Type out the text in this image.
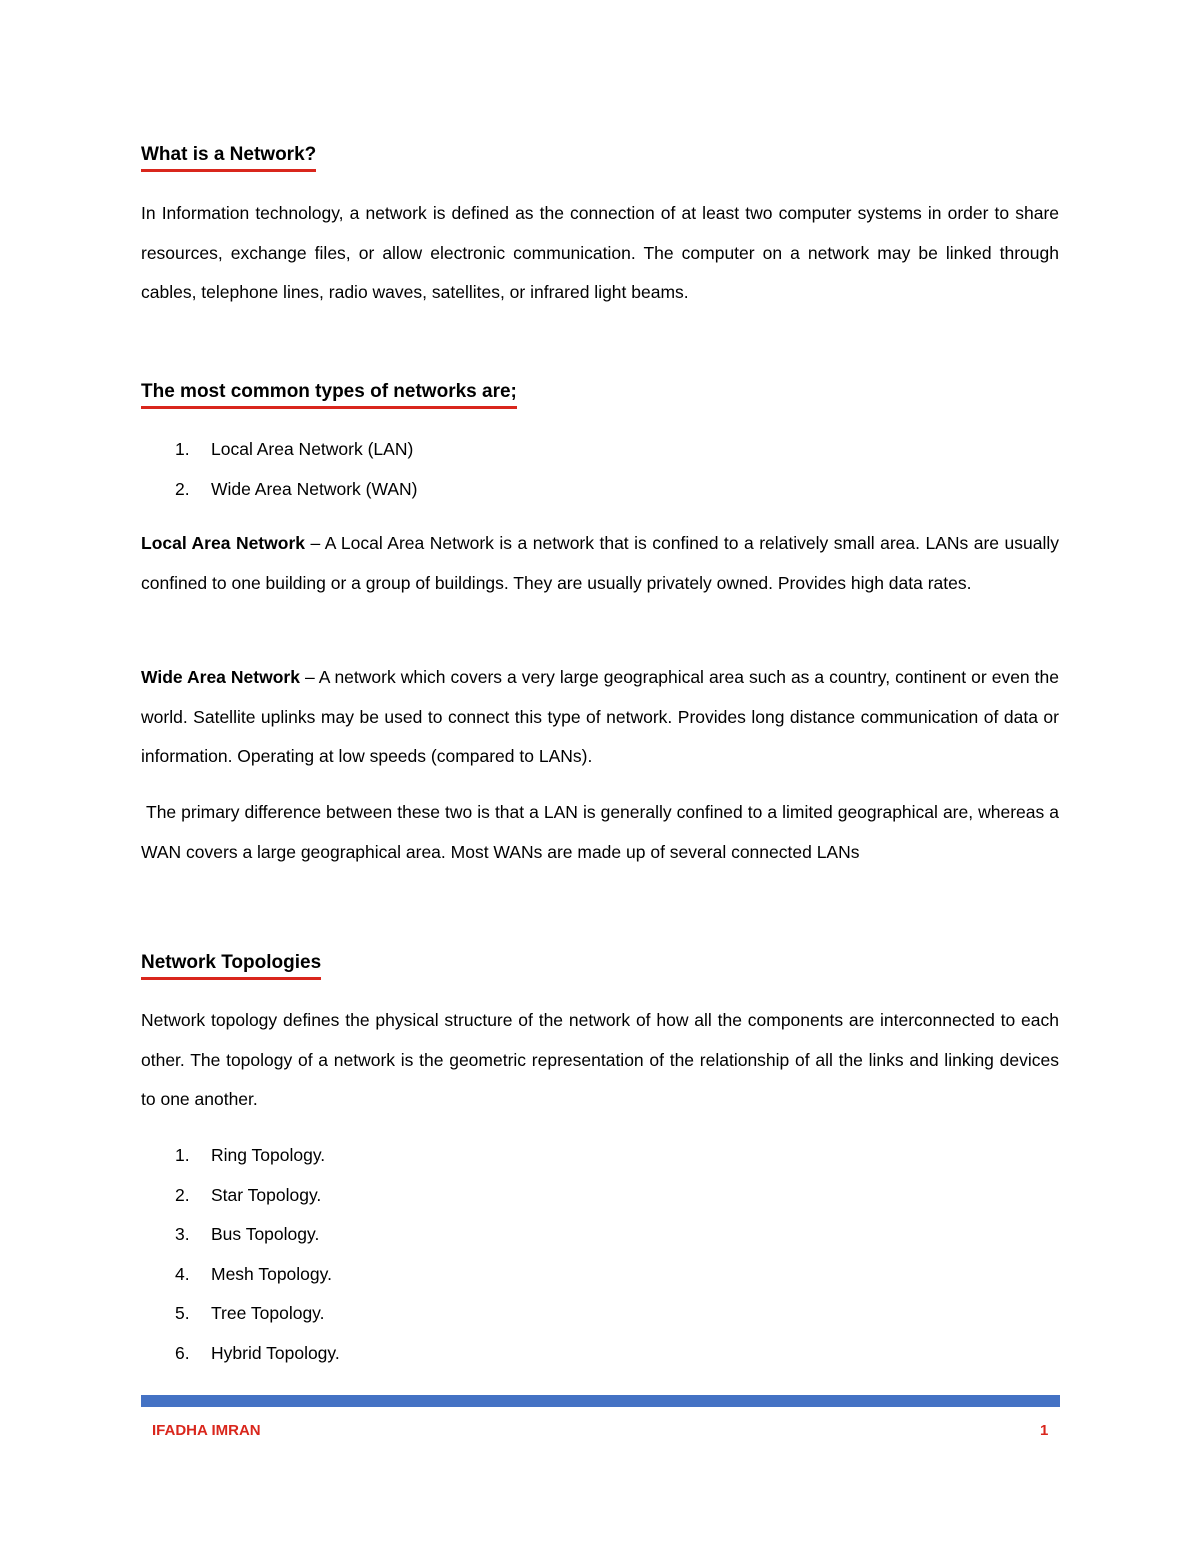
What is a Network?

In Information technology, a network is defined as the connection of at least two computer systems in order to share resources, exchange files, or allow electronic communication. The computer on a network may be linked through cables, telephone lines, radio waves, satellites, or infrared light beams.

The most common types of networks are;
1.	Local Area Network (LAN)
2.	Wide Area Network (WAN)

Local Area Network – A Local Area Network is a network that is confined to a relatively small area. LANs are usually confined to one building or a group of buildings. They are usually privately owned. Provides high data rates.

Wide Area Network – A network which covers a very large geographical area such as a country, continent or even the world. Satellite uplinks may be used to connect this type of network. Provides long distance communication of data or information. Operating at low speeds (compared to LANs).

The primary difference between these two is that a LAN is generally confined to a limited geographical are, whereas a WAN covers a large geographical area. Most WANs are made up of several connected LANs

Network Topologies

Network topology defines the physical structure of the network of how all the components are interconnected to each other. The topology of a network is the geometric representation of the relationship of all the links and linking devices to one another.

1.	Ring Topology.
2.	Star Topology.
3.	Bus Topology.
4.	Mesh Topology.
5.	Tree Topology.
6.	Hybrid Topology.
IFADHA IMRAN	1
